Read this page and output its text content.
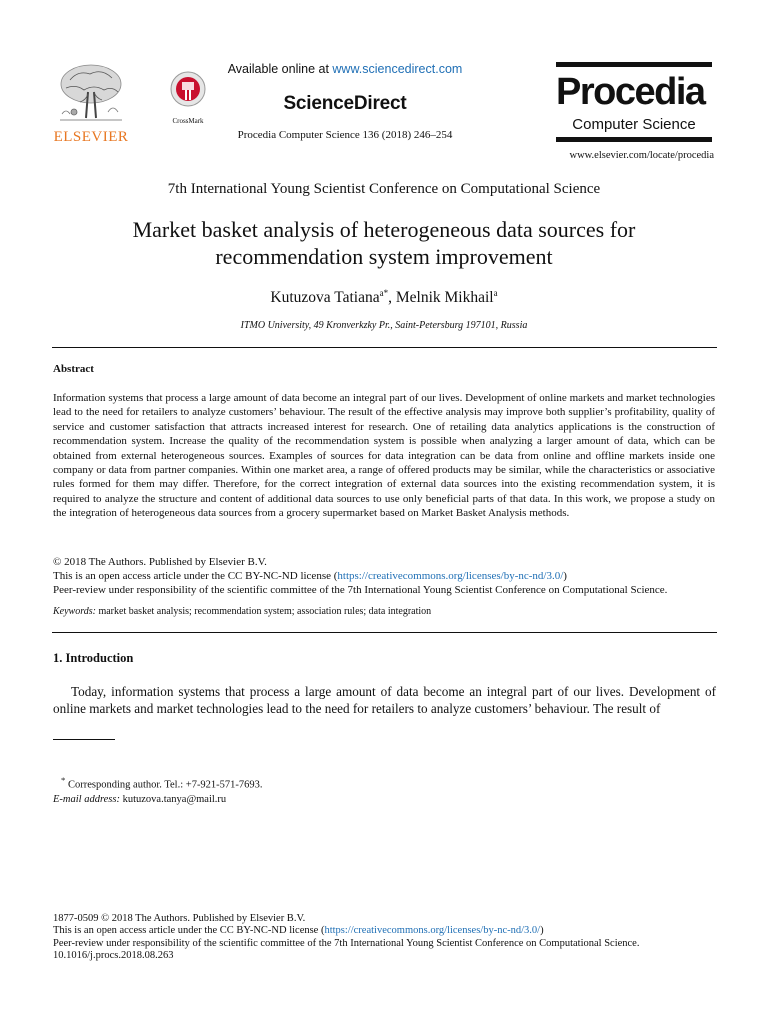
ELSEVIER
CrossMark
Available online at www.sciencedirect.com
ScienceDirect
Procedia Computer Science 136 (2018) 246–254
Procedia
Computer Science
www.elsevier.com/locate/procedia
7th International Young Scientist Conference on Computational Science
Market basket analysis of heterogeneous data sources for
recommendation system improvement
Kutuzova Tatiana$^{a*}$, Melnik Mikhail$^a$
ITMO University, 49 Kronverkzky Pr., Saint-Petersburg 197101, Russia
Abstract
Information systems that process a large amount of data become an integral part of our lives. Development of online markets and market technologies lead to the need for retailers to analyze customers’ behaviour. The result of the effective analysis may improve both supplier’s profitability, quality of service and customer satisfaction that attracts increased interest for research. One of retailing data analytics applications is the construction of recommendation system. Increase the quality of the recommendation system is possible when analyzing a larger amount of data, which can be obtained from external heterogeneous sources. Examples of sources for data integration can be data from online and offline markets inside one company or data from partner companies. Within one market area, a range of offered products may be similar, while the characteristics or associative rules formed for them may differ. Therefore, for the correct integration of external data sources into the existing recommendation system, it is required to analyze the structure and content of additional data sources to use only beneficial parts of that data. In this work, we propose a study on the integration of heterogeneous data sources from a grocery supermarket based on Market Basket Analysis methods.
© 2018 The Authors. Published by Elsevier B.V.
This is an open access article under the CC BY-NC-ND license (https://creativecommons.org/licenses/by-nc-nd/3.0/)
Peer-review under responsibility of the scientific committee of the 7th International Young Scientist Conference on Computational Science.
Keywords: market basket analysis; recommendation system; association rules; data integration
1. Introduction
Today, information systems that process a large amount of data become an integral part of our lives. Development of online markets and market technologies lead to the need for retailers to analyze customers’ behaviour. The result of
* Corresponding author. Tel.: +7-921-571-7693.
E-mail address: kutuzova.tanya@mail.ru
1877-0509 © 2018 The Authors. Published by Elsevier B.V.
This is an open access article under the CC BY-NC-ND license (https://creativecommons.org/licenses/by-nc-nd/3.0/)
Peer-review under responsibility of the scientific committee of the 7th International Young Scientist Conference on Computational Science.
10.1016/j.procs.2018.08.263
